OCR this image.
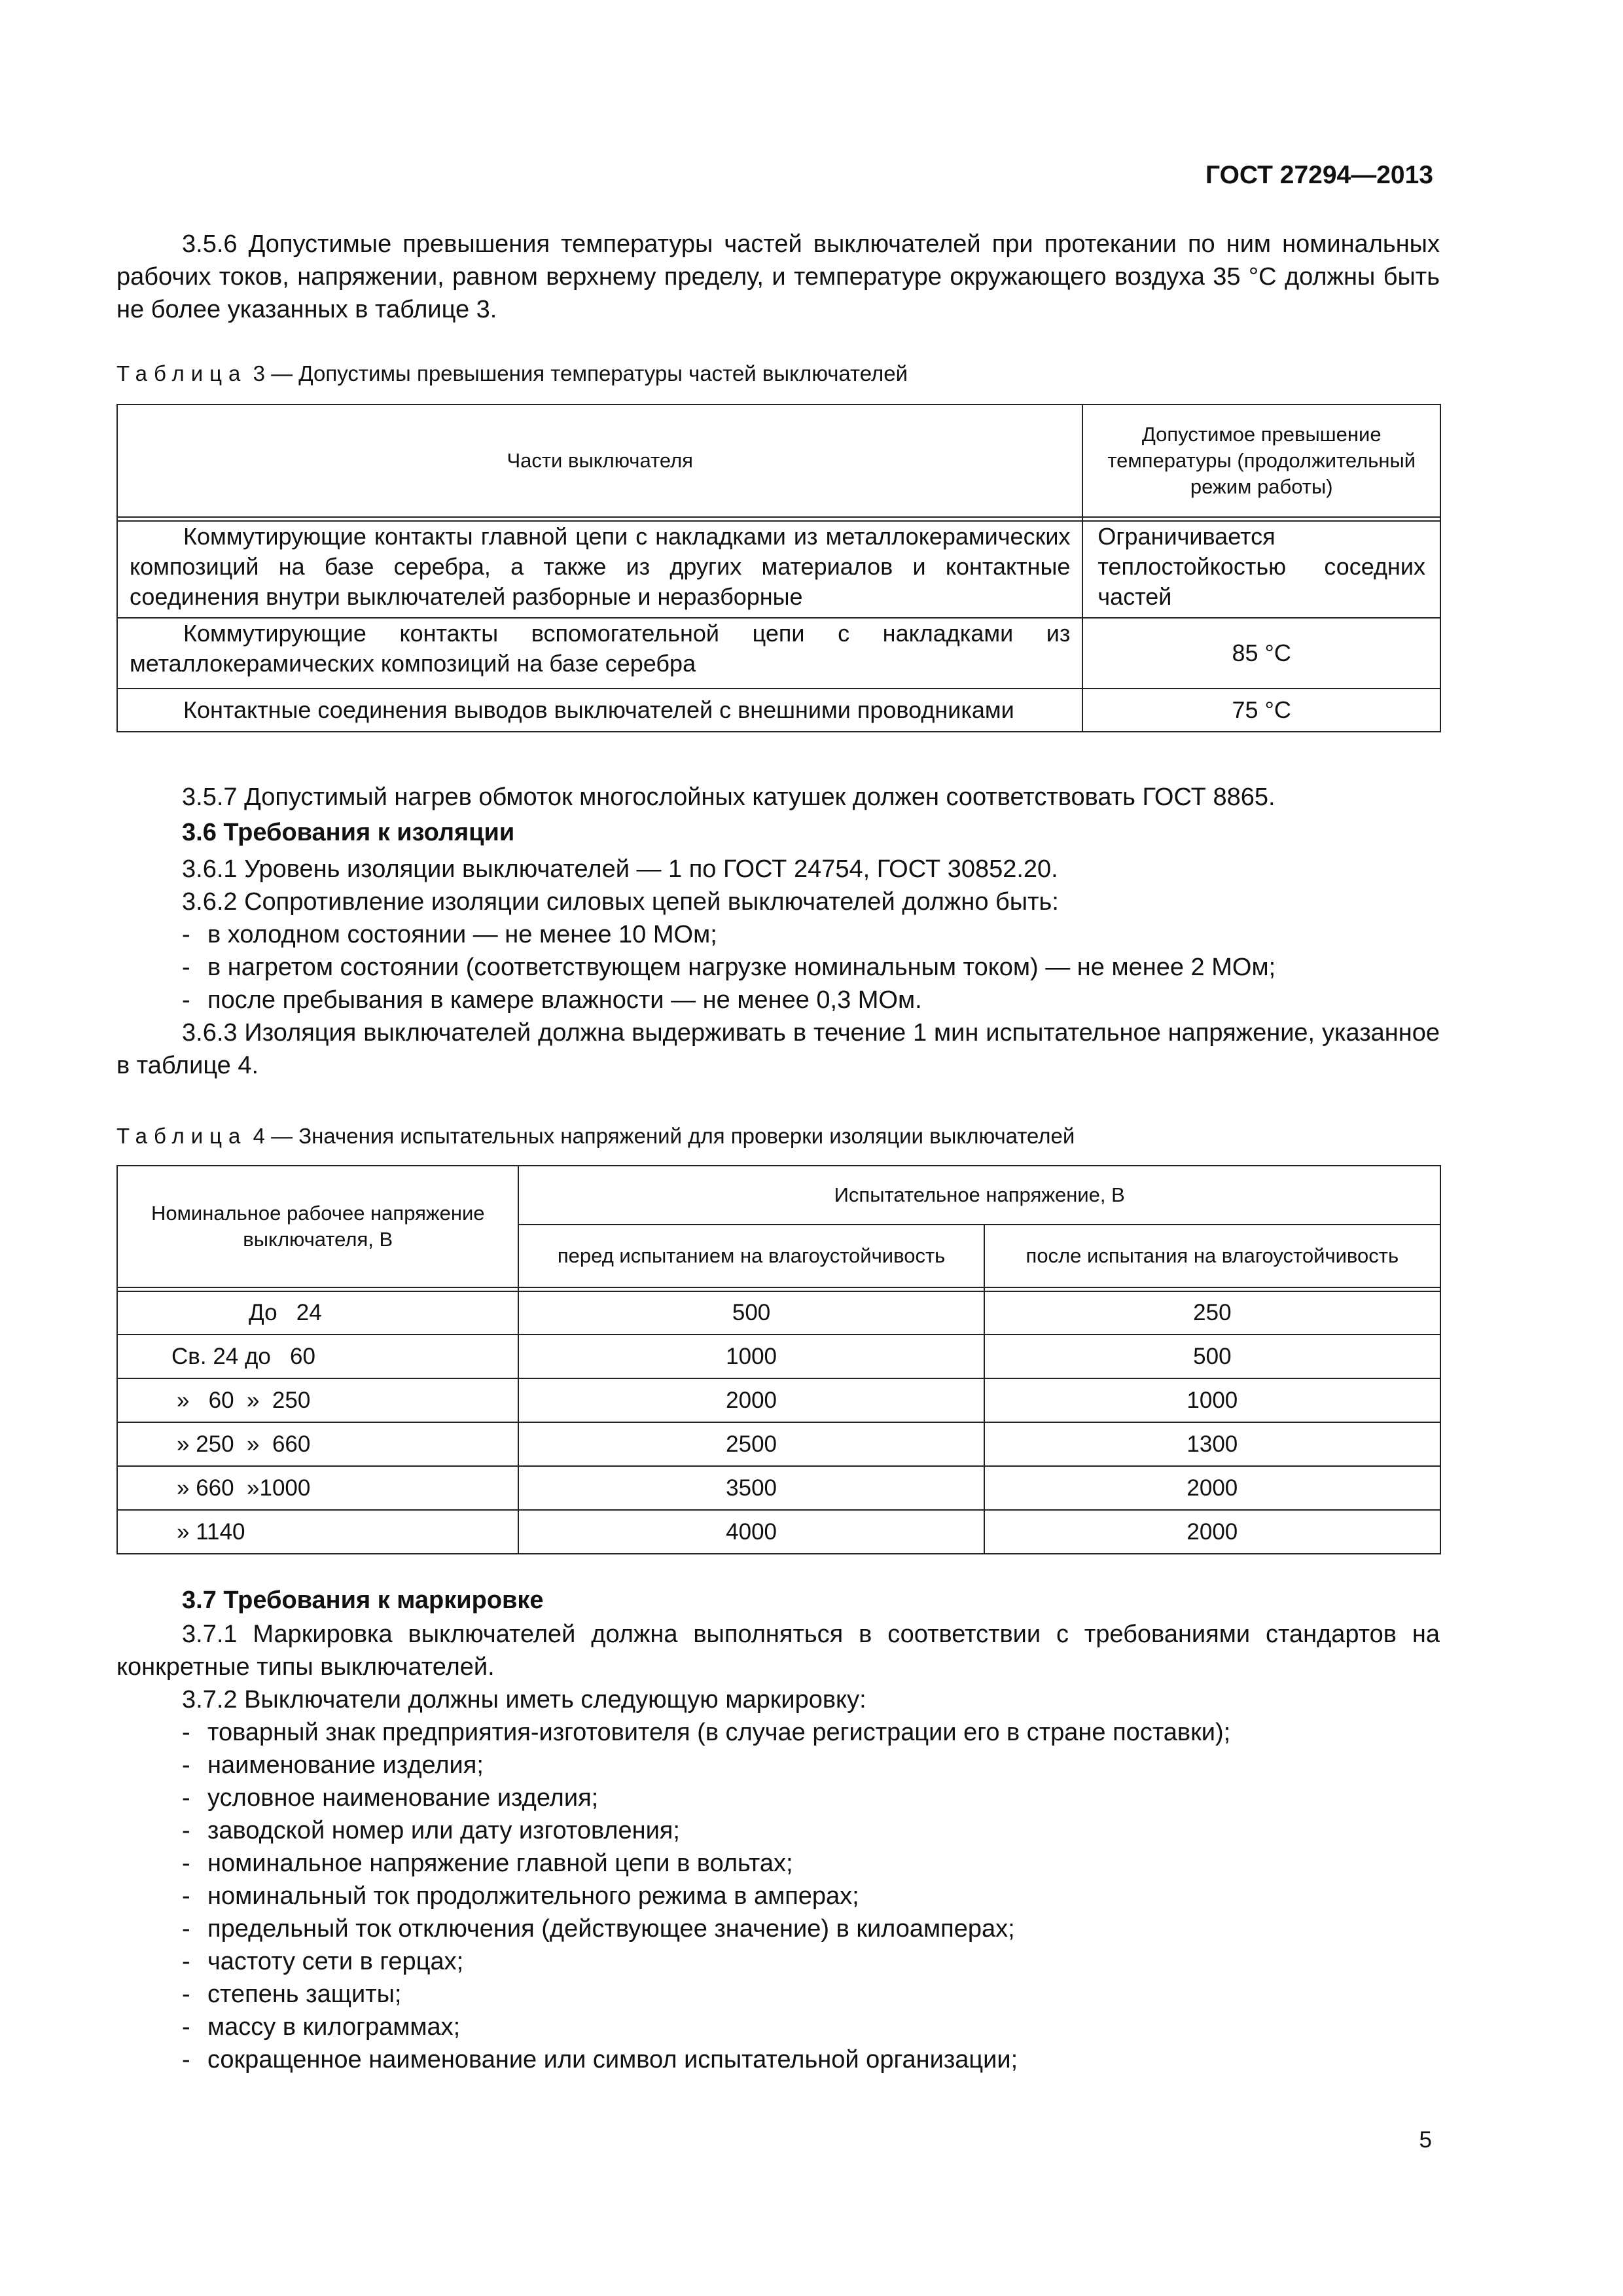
ГОСТ 27294—2013

3.5.6 Допустимые превышения температуры частей выключателей при протекании по ним номинальных рабочих токов, напряжении, равном верхнему пределу, и температуре окружающего воздуха 35 °С должны быть не более указанных в таблице 3.

Таблица 3 — Допустимы превышения температуры частей выключателей
Части выключателя	Допустимое превышение температуры (продолжительный режим работы)

Коммутирующие контакты главной цепи с накладками из металлокерамических композиций на базе серебра, а также из других материалов и контактные соединения внутри выключателей разборные и неразборные	Ограничивается теплостойкостью соседних частей
Коммутирующие контакты вспомогательной цепи с накладками из металлокерамических композиций на базе серебра	85 °С
Контактные соединения выводов выключателей с внешними проводниками	75 °С

3.5.7 Допустимый нагрев обмоток многослойных катушек должен соответствовать ГОСТ 8865.

3.6 Требования к изоляции

3.6.1 Уровень изоляции выключателей — 1 по ГОСТ 24754, ГОСТ 30852.20.

3.6.2 Сопротивление изоляции силовых цепей выключателей должно быть:

- в холодном состоянии — не менее 10 МОм;

- в нагретом состоянии (соответствующем нагрузке номинальным током) — не менее 2 МОм;

- после пребывания в камере влажности — не менее 0,3 МОм.

3.6.3 Изоляция выключателей должна выдерживать в течение 1 мин испытательное напряжение, указанное в таблице 4.

Таблица 4 — Значения испытательных напряжений для проверки изоляции выключателей
Номинальное рабочее напряжение выключателя, В	Испытательное напряжение, В	
	перед испытанием на влагоустойчивость	после испытания на влагоустойчивость

До   24	500	250
Св. 24 до   60	1000	500
»   60  »  250	2000	1000
» 250  »  660	2500	1300
» 660  »1000	3500	2000
» 1140	4000	2000

3.7 Требования к маркировке

3.7.1 Маркировка выключателей должна выполняться в соответствии с требованиями стандартов на конкретные типы выключателей.

3.7.2 Выключатели должны иметь следующую маркировку:

- товарный знак предприятия-изготовителя (в случае регистрации его в стране поставки);

- наименование изделия;

- условное наименование изделия;

- заводской номер или дату изготовления;

- номинальное напряжение главной цепи в вольтах;

- номинальный ток продолжительного режима в амперах;

- предельный ток отключения (действующее значение) в килоамперах;

- частоту сети в герцах;

- степень защиты;

- массу в килограммах;

- сокращенное наименование или символ испытательной организации;

5
